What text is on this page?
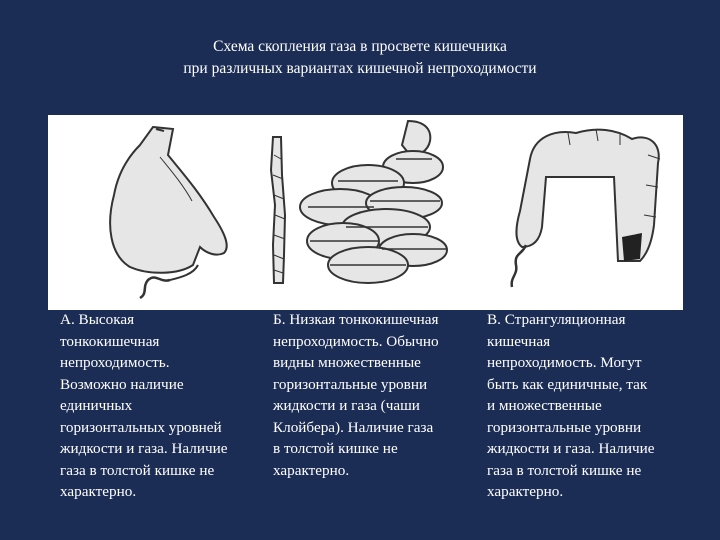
Схема скопления газа в просвете кишечника
при различных вариантах кишечной непроходимости
А. Высокая
тонкокишечная
непроходимость.
Возможно наличие
единичных
горизонтальных уровней
жидкости и газа. Наличие
газа в толстой кишке не
характерно.
Б. Низкая тонкокишечная
непроходимость. Обычно
видны множественные
горизонтальные уровни
жидкости и газа (чаши
Клойбера). Наличие газа
в толстой кишке не
характерно.
В. Странгуляционная
кишечная
непроходимость. Могут
быть как единичные, так
и множественные
горизонтальные уровни
жидкости и газа. Наличие
газа в толстой кишке не
характерно.
